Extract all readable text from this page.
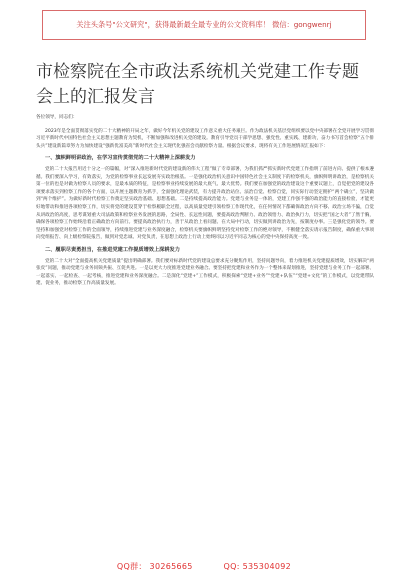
关注头条号"公文研究"，获得最新最全最专业的公文资料库！ 微信：gongwenrj
市检察院在全市政法系统机关党建工作专题会上的汇报发言

各位领导，同志们：

2023年是全面贯彻落实党的二十大精神的开局之年，做好今年机关党的建设工作意义重大任务艰巨。作为政法机关基层党组织要以党中央部署在全党开展学习贯彻习近平新时代中国特色社会主义思想主题教育为契机，不断加强和改进机关党的建设。教育引导党员干部学思想、强党性、重实践、建新功，奋力书写首会检察“五个排头兵”建设新篇章努力为加快建设“强新优富美高”新时代社会主义现代化强省会贡献检察力量。根据会议要求，现将有关工作进展情况汇报如下：

一、旗帜鲜明讲政治，在学习宣传贯彻党的二十大精神上深耕发力

党的二十大报告用近十分之一的篇幅，对“深入推进新时代党的建设新的伟大工程”做了专章部署，为我们抓严抓实新时代党建工作指明了前进方向、提供了根本遵循。我们要深入学习，有效落实，为党的检察事业长远发展夯实政治根基。一是强化政治机关意识中国特色社会主义制度下的检察机关，旗帜鲜明讲政治，是检察机关第一位的也是对做为检察人员的要求，是最本质的特征，是检察事业持续发展的最大底气、最大优势。我们要在加强党的政治建设这个重要议题上，自觉把党的建设各项要求落实到检察工作的各个方面，以开展主题教育为抓手，全面强化理论武装，有力提升政治站位、法治自觉、检察自觉，同实际行动坚定拥护“两个确立”，坚决做到“两个维护”。为做好新时代检察工作奠定坚实政治基础、思想基础。二是持续提高政治能力。党建与业务是一体的，党建工作强不强的政治能力的直接检验，才能更好地带动和推进各项检察工作，切实将党的建设贯穿于检察履职全过程，以高质量党建引领检察工作现代化，在任何情况下都确保政治方向不移、政治立场不偏，自觉从讲政治的高度，思考谋划重大司法政策和检察业务发展的思路，全局性、长远性问题，要提高政治判断力、政治领悟力、政治执行力，切实把“国之大者”了然于胸，确保各项检察工作始终沿着正确政治方向前行。要提高政治执行力，善于从政治上看问题、在大局中行动，切实做到讲政治为先，按制度办事。三是强化党的领导。要坚持和加强党对检察工作的全面领导，持续推进党建与业务深度融合，检察机关要旗帜鲜明坚持党对检察工作的绝对领导，不断健全落实请示报告制度，确保重大事项向党组报告、向上级检察院报告，做到对党忠诚、对党负责，在思想上政治上行动上始终同以习近平同志为核心的党中央保持高度一致。

二、履职尽责勇担当，在推进党建工作提质增效上深耕发力

党的二十大对“全面提高机关党建质量”提出明确部署。我们要对标新时代党的建设总要求充分聚焦作用，坚持问题导向，着力推进机关党建提质增效，切实解决“两张皮”问题，推动党建与业务同频共振、互促共进。一是以更大力度推进党建业务融合。要坚持把党建和业务作为一个整体来谋划推进，坚持党建与业务工作一起部署、一起落实、一起检查、一起考核，推进党建和业务深度融合。二是深化“党建+”工作模式，积极探索“党建+业务”“党建+队伍”“党建+文化”的工作模式，以党建带队建、促业务，推动检察工作高质量发展。

QQ群： 30265665	QQ: 535304092
